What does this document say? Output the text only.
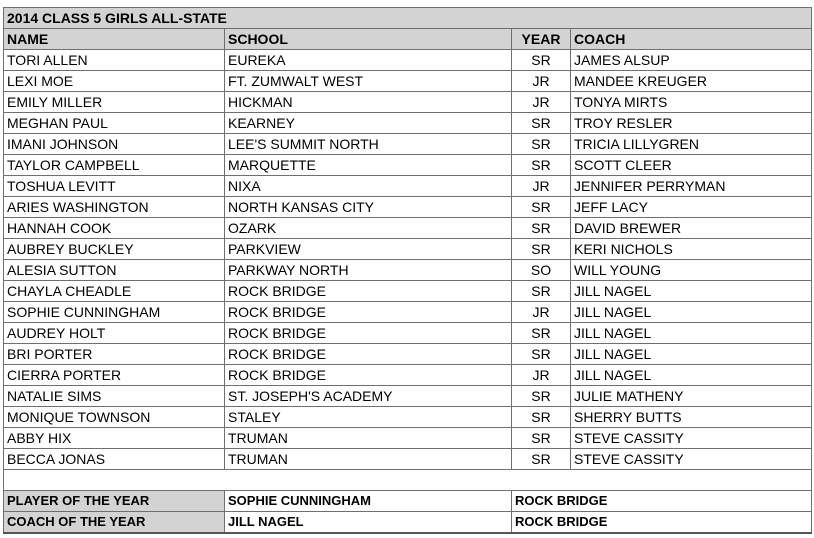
2014 CLASS 5 GIRLS ALL-STATE			
NAME	SCHOOL	YEAR	COACH
TORI ALLEN	EUREKA	SR	JAMES ALSUP
LEXI MOE	FT. ZUMWALT WEST	JR	MANDEE KREUGER
EMILY MILLER	HICKMAN	JR	TONYA MIRTS
MEGHAN PAUL	KEARNEY	SR	TROY RESLER
IMANI JOHNSON	LEE'S SUMMIT NORTH	SR	TRICIA LILLYGREN
TAYLOR CAMPBELL	MARQUETTE	SR	SCOTT CLEER
TOSHUA LEVITT	NIXA	JR	JENNIFER PERRYMAN
ARIES WASHINGTON	NORTH KANSAS CITY	SR	JEFF LACY
HANNAH COOK	OZARK	SR	DAVID BREWER
AUBREY BUCKLEY	PARKVIEW	SR	KERI NICHOLS
ALESIA SUTTON	PARKWAY NORTH	SO	WILL YOUNG
CHAYLA CHEADLE	ROCK BRIDGE	SR	JILL NAGEL
SOPHIE CUNNINGHAM	ROCK BRIDGE	JR	JILL NAGEL
AUDREY HOLT	ROCK BRIDGE	SR	JILL NAGEL
BRI PORTER	ROCK BRIDGE	SR	JILL NAGEL
CIERRA PORTER	ROCK BRIDGE	JR	JILL NAGEL
NATALIE SIMS	ST. JOSEPH'S ACADEMY	SR	JULIE MATHENY
MONIQUE TOWNSON	STALEY	SR	SHERRY BUTTS
ABBY HIX	TRUMAN	SR	STEVE CASSITY
BECCA JONAS	TRUMAN	SR	STEVE CASSITY

PLAYER OF THE YEAR	SOPHIE CUNNINGHAM	ROCK BRIDGE	
COACH OF THE YEAR	JILL NAGEL	ROCK BRIDGE	
